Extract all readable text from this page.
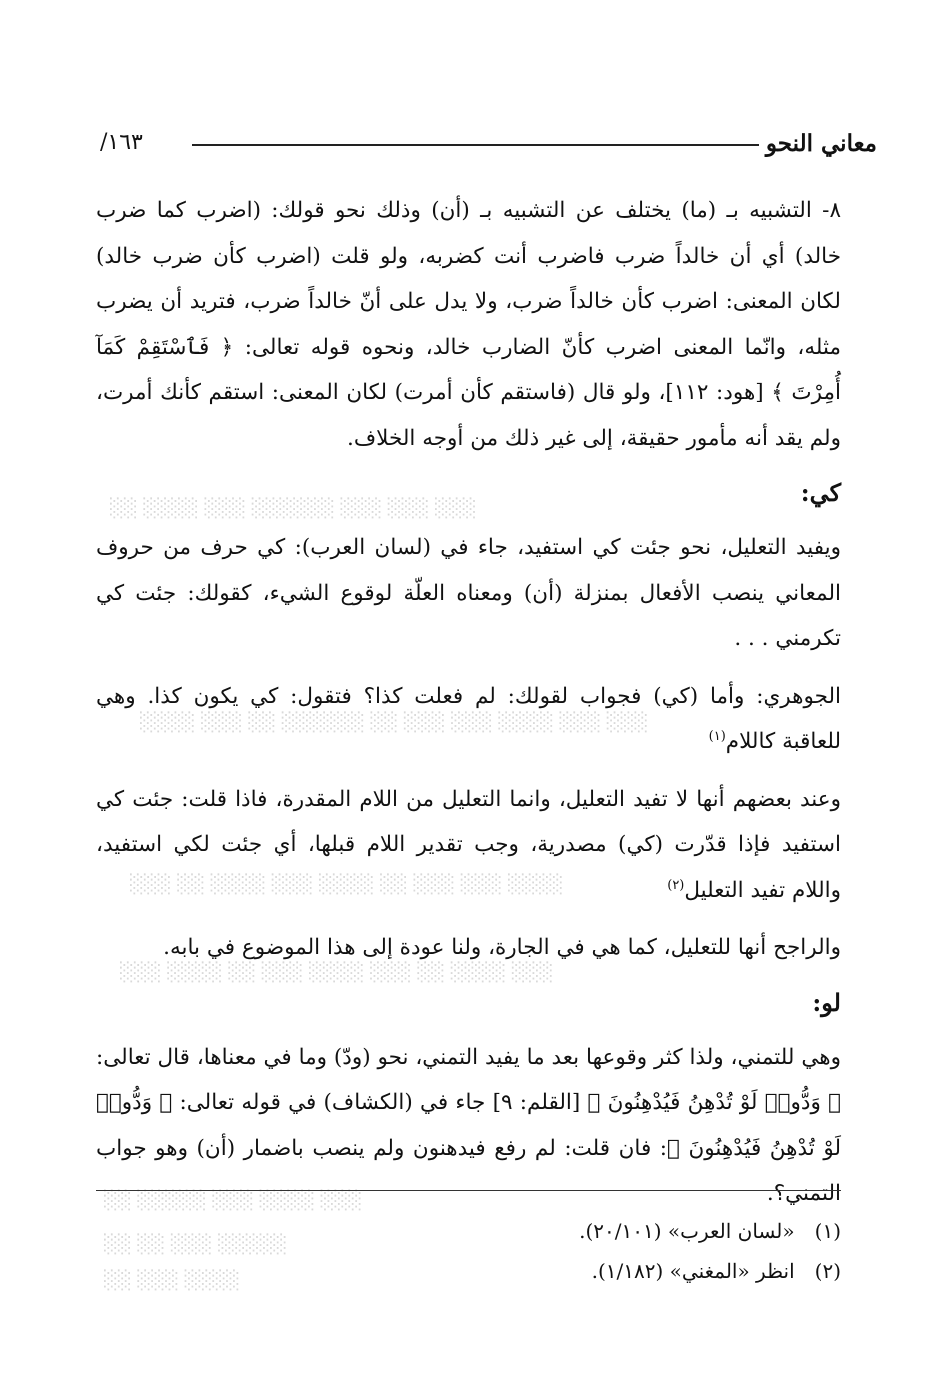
░░ ░░░░ ░░░ ░░░░░░ ░░░ ░░░ ░░░
░░░░ ░░░ ░░ ░░░░░░ ░░ ░░░ ░░░ ░░░░ ░░░ ░░░
░░░ ░░ ░░░░ ░░░ ░░░░ ░░ ░░░ ░░░ ░░░░
░░░ ░░░░ ░░ ░░░ ░░░░ ░░░ ░░ ░░░░ ░░░
░░ ░░░░░ ░░░ ░░░░ ░░░
░░ ░░ ░░░ ░░░░░
░░ ░░░ ░░░░
معاني النحو
١٦٣/

٨- التشبيه بـ (ما) يختلف عن التشبيه بـ (أن) وذلك نحو قولك: (اضرب كما ضرب خالد) أي أن خالداً ضرب فاضرب أنت كضربه، ولو قلت (اضرب كأن ضرب خالد) لكان المعنى: اضرب كأن خالداً ضرب، ولا يدل على أنّ خالداً ضرب، فتريد أن يضرب مثله، وانّما المعنى اضرب كأنّ الضارب خالد، ونحوه قوله تعالى: ﴿ فَٱسْتَقِمْ كَمَآ أُمِرْتَ ﴾ [هود: ١١٢]، ولو قال (فاستقم كأن أمرت) لكان المعنى: استقم كأنك أمرت، ولم يقد أنه مأمور حقيقة، إلى غير ذلك من أوجه الخلاف.

كي:

ويفيد التعليل، نحو جئت كي استفيد، جاء في (لسان العرب): كي حرف من حروف المعاني ينصب الأفعال بمنزلة (أن) ومعناه العلّة لوقوع الشيء، كقولك: جئت كي تكرمني . . .

الجوهري: وأما (كي) فجواب لقولك: لم فعلت كذا؟ فتقول: كي يكون كذا. وهي للعاقبة كاللام$^{(١)}$

وعند بعضهم أنها لا تفيد التعليل، وانما التعليل من اللام المقدرة، فاذا قلت: جئت كي استفيد فإذا قدّرت (كي) مصدرية، وجب تقدير اللام قبلها، أي جئت لكي استفيد، واللام تفيد التعليل$^{(٢)}$

والراجح أنها للتعليل، كما هي في الجارة، ولنا عودة إلى هذا الموضوع في بابه.

لو:

وهي للتمني، ولذا كثر وقوعها بعد ما يفيد التمني، نحو (ودّ) وما في معناها، قال تعالى: ﴿ وَدُّوا۟ لَوْ تُدْهِنُ فَيُدْهِنُونَ ﴾ [القلم: ٩] جاء في (الكشاف) في قوله تعالى: ﴿ وَدُّوا۟ لَوْ تُدْهِنُ فَيُدْهِنُونَ ﴾: فان قلت: لم رفع فيدهنون ولم ينصب باضمار (أن) وهو جواب التمني؟.

(١)«لسان العرب» (٢٠/١٠١).
(٢)انظر «المغني» (١/١٨٢).
